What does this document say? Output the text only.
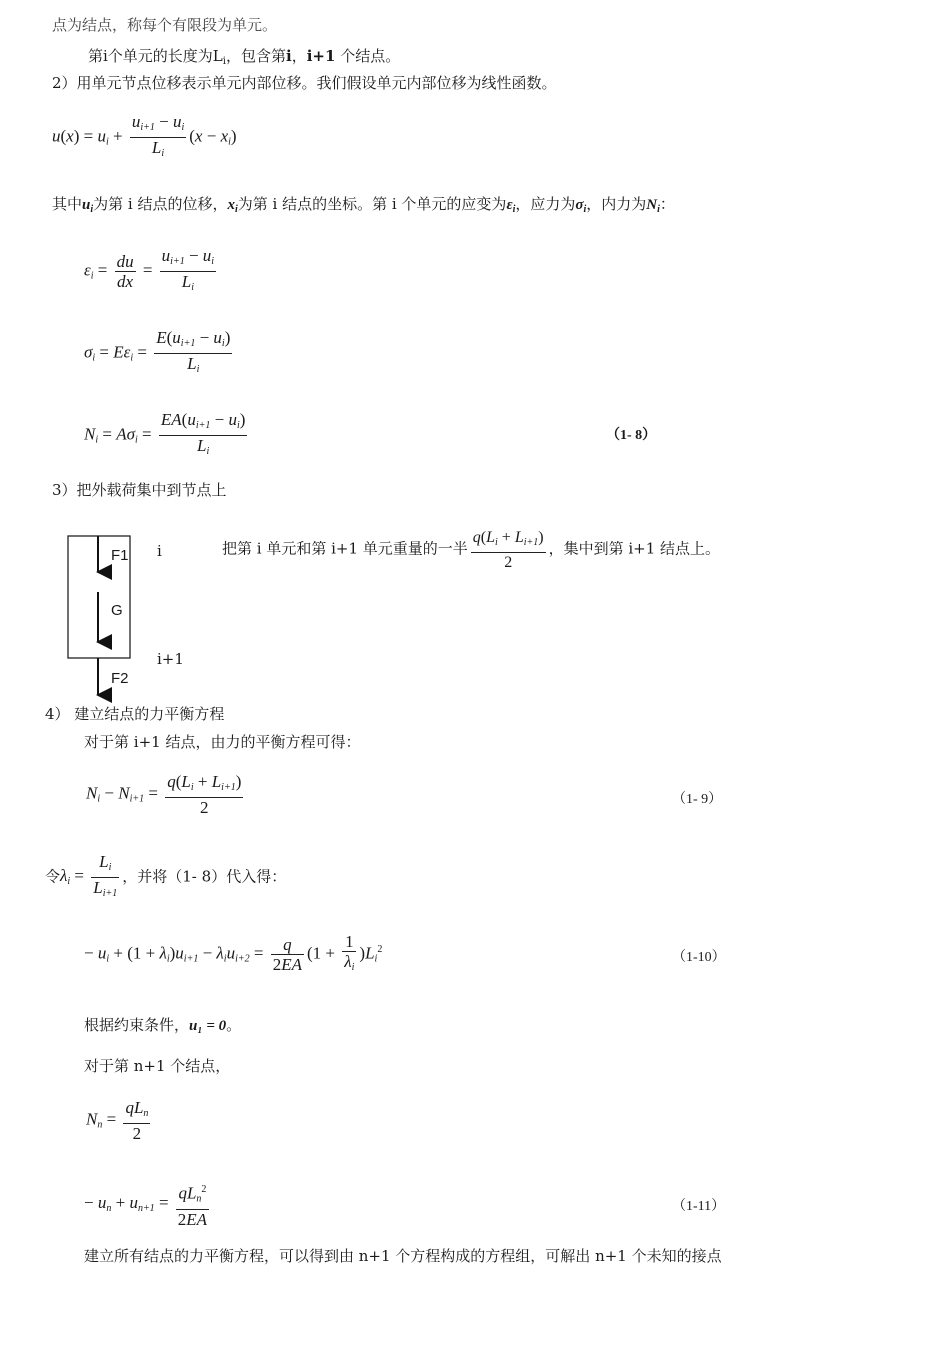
点为结点，称每个有限段为单元。
第i个单元的长度为$L_i$，包含第i，i+1 个结点。
2）用单元节点位移表示单元内部位移。我们假设单元内部位移为线性函数。
$u(x) = u_i + \frac{u_{i+1} - u_i}{L_i} (x - x_i)$
其中$u_i$为第 i 结点的位移，$x_i$为第 i 结点的坐标。第 i 个单元的应变为$\varepsilon_i$，应力为$\sigma_i$，内力为$N_i$：
$\varepsilon_i = \frac{du}{dx} = \frac{u_{i+1} - u_i}{L_i}$
$\sigma_i = E\varepsilon_i = \frac{E(u_{i+1} - u_i)}{L_i}$
$N_i = A\sigma_i = \frac{EA(u_{i+1} - u_i)}{L_i}$	（1- 8）
3）把外载荷集中到节点上
F1
G
F2
i
i+1
把第 i 单元和第 i+1 单元重量的一半 $\frac{q(L_i + L_{i+1})}{2}$ ，集中到第 i+1 结点上。
4） 建立结点的力平衡方程
对于第 i+1 结点，由力的平衡方程可得：
$N_i - N_{i+1} = \frac{q(L_i + L_{i+1})}{2}$	（1- 9）
令$\lambda_i = \frac{L_i}{L_{i+1}}$ ，并将（1- 8）代入得：
− $u_i + (1 + \lambda_i)u_{i+1} - \lambda_iu_{i+2} = \frac{q}{2EA} (1 + \frac{1}{\lambda_i} )L_i^2$
（1-10）
根据约束条件，u₁ = 0。
对于第 n+1 个结点，
$N_n = \frac{qL_n}{2}$
− $u_n + u_{n+1} = \frac{qL_n^2}{2EA}$	（1-11）
建立所有结点的力平衡方程，可以得到由 n+1 个方程构成的方程组，可解出 n+1 个未知的接点
